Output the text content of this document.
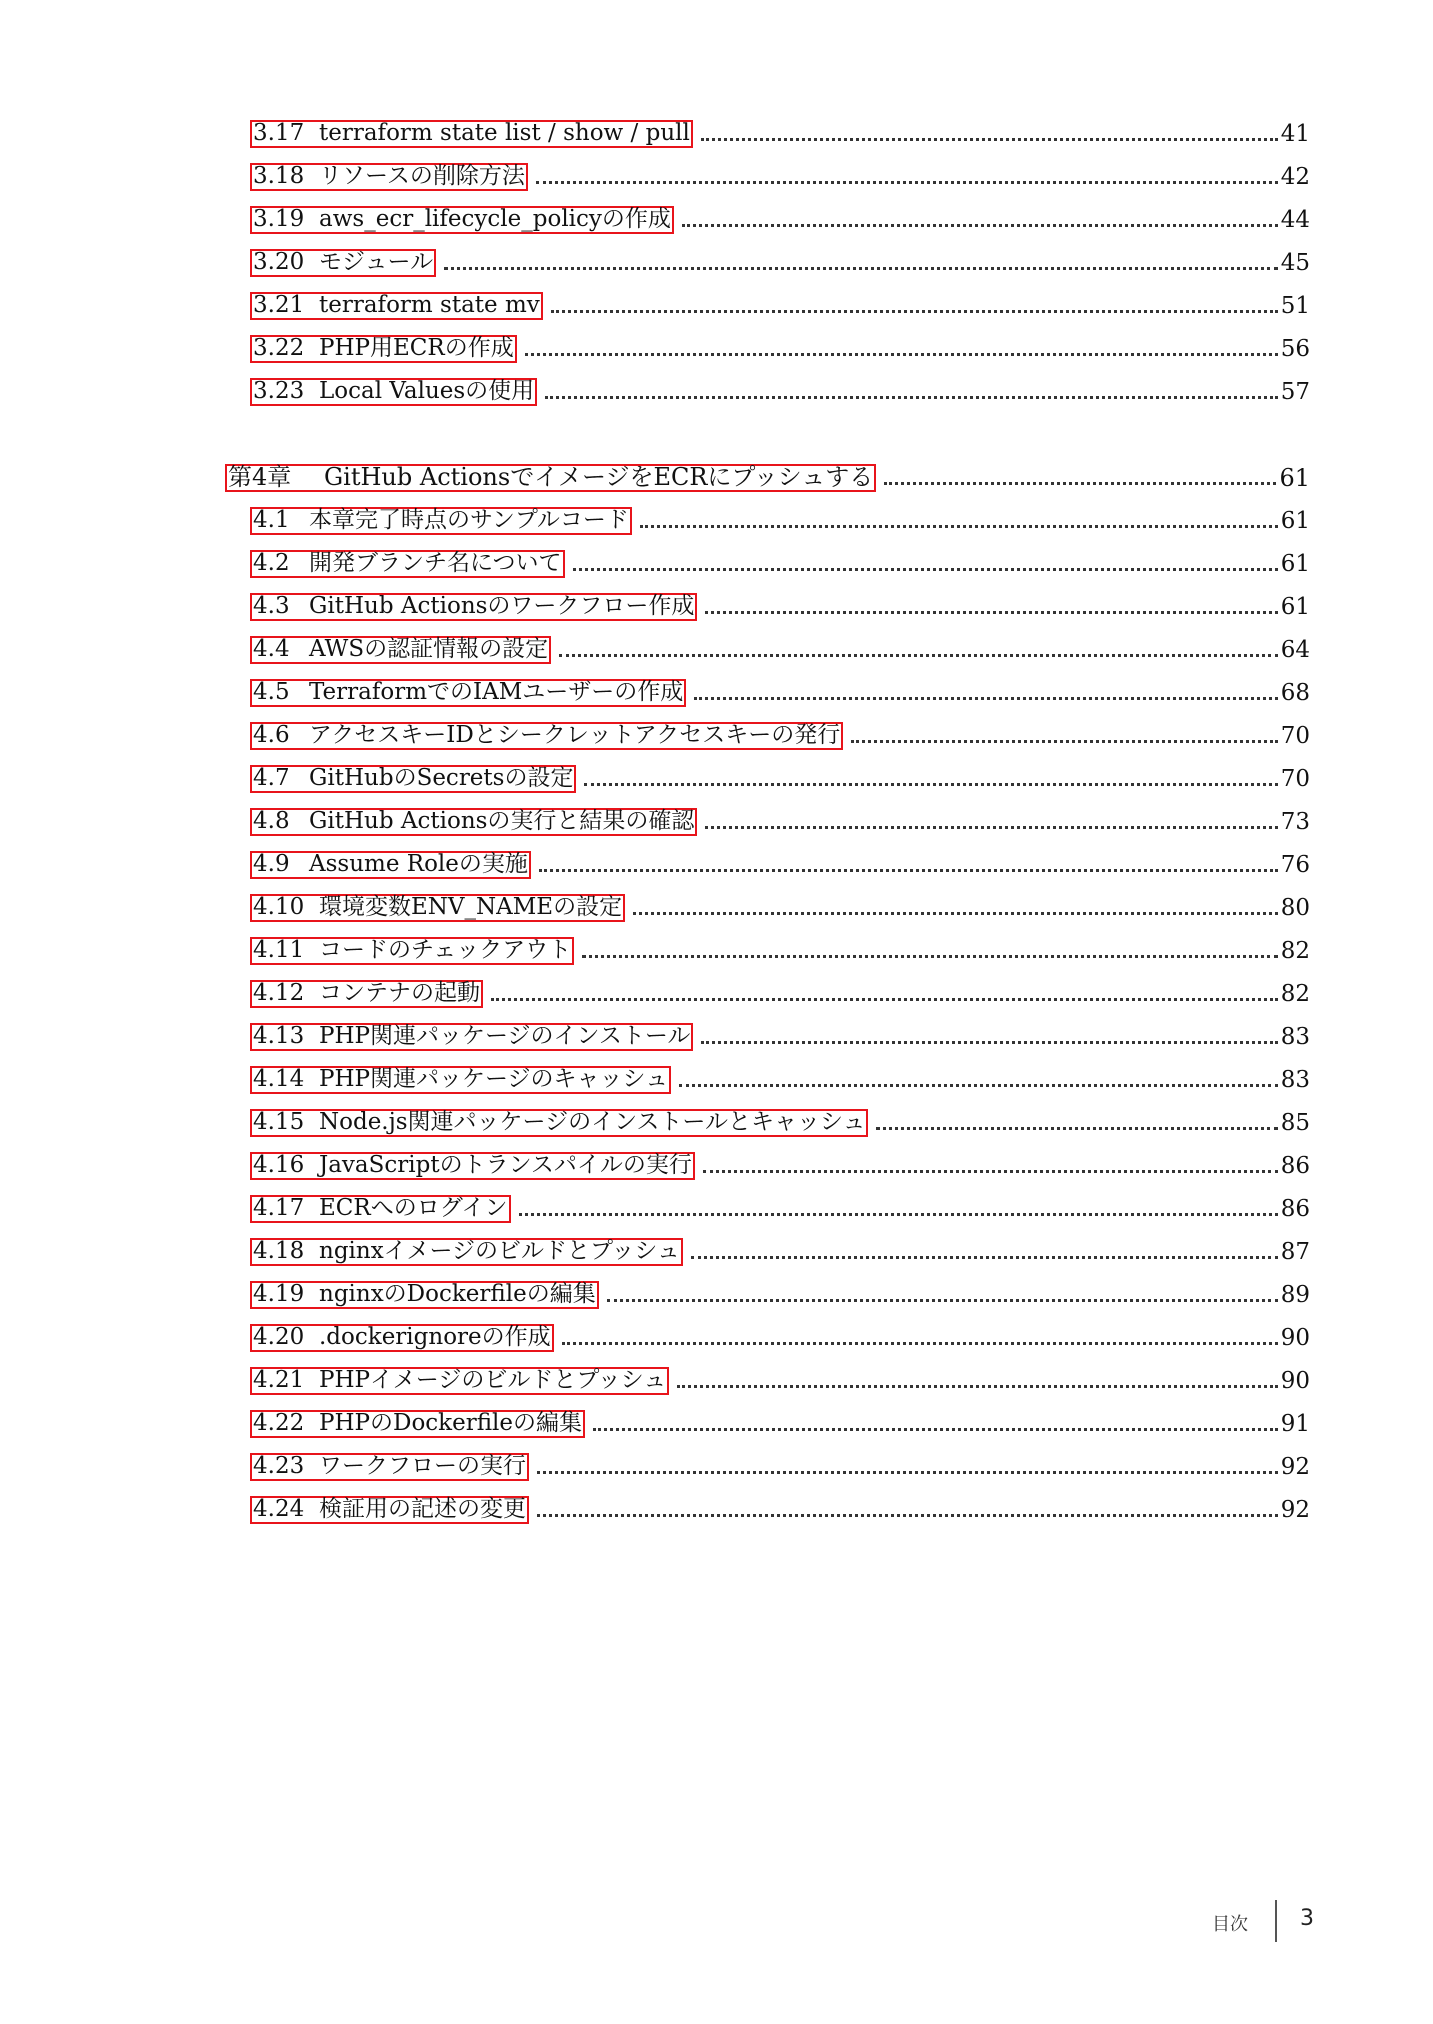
3.17 terraform state list / show / pull	41
3.18 リソースの削除方法	42
3.19 aws_ecr_lifecycle_policyの作成	44
3.20 モジュール	45
3.21 terraform state mv	51
3.22 PHP用ECRの作成	56
3.23 Local Valuesの使用	57
第4章	GitHub ActionsでイメージをECRにプッシュする	61
4.1 本章完了時点のサンプルコード	61
4.2 開発ブランチ名について	61
4.3 GitHub Actionsのワークフロー作成	61
4.4 AWSの認証情報の設定	64
4.5 TerraformでのIAMユーザーの作成	68
4.6 アクセスキーIDとシークレットアクセスキーの発行	70
4.7 GitHubのSecretsの設定	70
4.8 GitHub Actionsの実行と結果の確認	73
4.9 Assume Roleの実施	76
4.10 環境変数ENV_NAMEの設定	80
4.11 コードのチェックアウト	82
4.12 コンテナの起動	82
4.13 PHP関連パッケージのインストール	83
4.14 PHP関連パッケージのキャッシュ	83
4.15 Node.js関連パッケージのインストールとキャッシュ	85
4.16 JavaScriptのトランスパイルの実行	86
4.17 ECRへのログイン	86
4.18 nginxイメージのビルドとプッシュ	87
4.19 nginxのDockerfileの編集	89
4.20 .dockerignoreの作成	90
4.21 PHPイメージのビルドとプッシュ	90
4.22 PHPのDockerfileの編集	91
4.23 ワークフローの実行	92
4.24 検証用の記述の変更	92
目次 3
